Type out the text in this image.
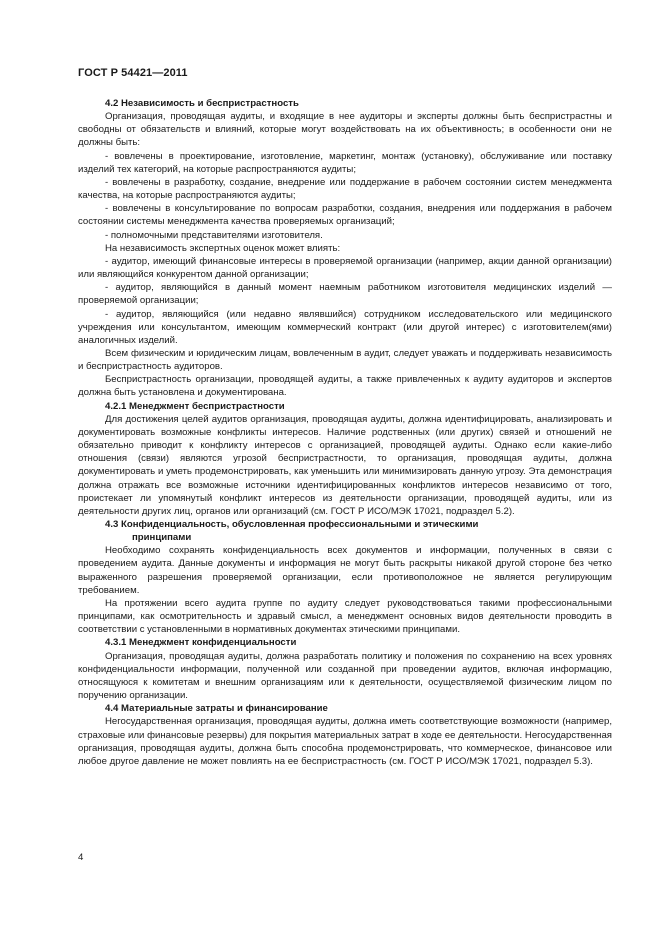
ГОСТ Р 54421—2011

4.2 Независимость и беспристрастность

Организация, проводящая аудиты, и входящие в нее аудиторы и эксперты должны быть беспристрастны и свободны от обязательств и влияний, которые могут воздействовать на их объективность; в особенности они не должны быть:

- вовлечены в проектирование, изготовление, маркетинг, монтаж (установку), обслуживание или поставку изделий тех категорий, на которые распространяются аудиты;

- вовлечены в разработку, создание, внедрение или поддержание в рабочем состоянии систем менеджмента качества, на которые распространяются аудиты;

- вовлечены в консультирование по вопросам разработки, создания, внедрения или поддержания в рабочем состоянии системы менеджмента качества проверяемых организаций;

- полномочными представителями изготовителя.

На независимость экспертных оценок может влиять:

- аудитор, имеющий финансовые интересы в проверяемой организации (например, акции данной организации) или являющийся конкурентом данной организации;

- аудитор, являющийся в данный момент наемным работником изготовителя медицинских изделий — проверяемой организации;

- аудитор, являющийся (или недавно являвшийся) сотрудником исследовательского или медицинского учреждения или консультантом, имеющим коммерческий контракт (или другой интерес) с изготовителем(ями) аналогичных изделий.

Всем физическим и юридическим лицам, вовлеченным в аудит, следует уважать и поддерживать независимость и беспристрастность аудиторов.

Беспристрастность организации, проводящей аудиты, а также привлеченных к аудиту аудиторов и экспертов должна быть установлена и документирована.

4.2.1 Менеджмент беспристрастности

Для достижения целей аудитов организация, проводящая аудиты, должна идентифицировать, анализировать и документировать возможные конфликты интересов. Наличие родственных (или других) связей и отношений не обязательно приводит к конфликту интересов с организацией, проводящей аудиты. Однако если какие-либо отношения (связи) являются угрозой беспристрастности, то организация, проводящая аудиты, должна документировать и уметь продемонстрировать, как уменьшить или минимизировать данную угрозу. Эта демонстрация должна отражать все возможные источники идентифицированных конфликтов интересов независимо от того, проистекает ли упомянутый конфликт интересов из деятельности организации, проводящей аудиты, или из деятельности других лиц, органов или организаций (см. ГОСТ Р ИСО/МЭК 17021, подраздел 5.2).

4.3 Конфиденциальность, обусловленная профессиональными и этическими
принципами

Необходимо сохранять конфиденциальность всех документов и информации, полученных в связи с проведением аудита. Данные документы и информация не могут быть раскрыты никакой другой стороне без четко выраженного разрешения проверяемой организации, если противоположное не является регулирующим требованием.

На протяжении всего аудита группе по аудиту следует руководствоваться такими профессиональными принципами, как осмотрительность и здравый смысл, а менеджмент основных видов деятельности проводить в соответствии с установленными в нормативных документах этическими принципами.

4.3.1 Менеджмент конфиденциальности

Организация, проводящая аудиты, должна разработать политику и положения по сохранению на всех уровнях конфиденциальности информации, полученной или созданной при проведении аудитов, включая информацию, относящуюся к комитетам и внешним организациям или к деятельности, осуществляемой физическим лицом по поручению организации.

4.4 Материальные затраты и финансирование

Негосударственная организация, проводящая аудиты, должна иметь соответствующие возможности (например, страховые или финансовые резервы) для покрытия материальных затрат в ходе ее деятельности. Негосударственная организация, проводящая аудиты, должна быть способна продемонстрировать, что коммерческое, финансовое или любое другое давление не может повлиять на ее беспристрастность (см. ГОСТ Р ИСО/МЭК 17021, подраздел 5.3).

4
